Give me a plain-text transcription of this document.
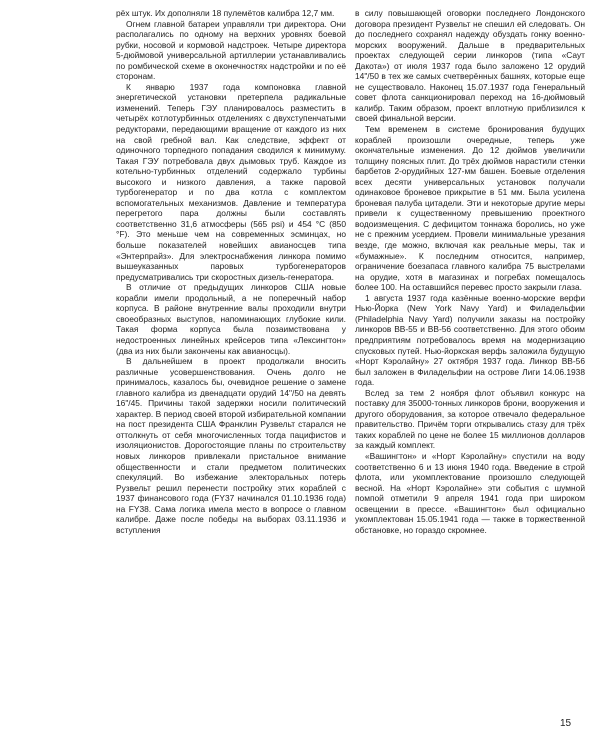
рёх штук. Их дополняли 18 пулемётов калибра 12,7 мм.

Огнем главной батареи управляли три директора. Они располагались по одному на верхних уровнях боевой рубки, носовой и кормовой надстроек. Четыре директора 5-дюймовой универсальной артиллерии устанавливались по ромбической схеме в оконечностях надстройки и по её сторонам.

К январю 1937 года компоновка главной энергетической установки претерпела радикальные изменений. Теперь ГЭУ планировалось разместить в четырёх котлотурбинных отделениях с двухступенчатыми редукторами, передающими вращение от каждого из них на свой гребной вал. Как следствие, эффект от одиночного торпедного попадания сводился к минимуму. Такая ГЭУ потребовала двух дымовых труб. Каждое из котельно-турбинных отделений содержало турбины высокого и низкого давления, а также паровой турбогенератор и по два котла с комплектом вспомогательных механизмов. Давление и температура перегретого пара должны были составлять соответственно 31,6 атмосферы (565 psi) и 454 °С (850 °F). Это меньше чем на современных эсминцах, но больше показателей новейших авианосцев типа «Энтерпрайз». Для электроснабжения линкора помимо вышеуказанных паровых турбогенераторов предусматривались три скоростных дизель-генератора.

В отличие от предыдущих линкоров США новые корабли имели продольный, а не поперечный набор корпуса. В районе внутренние валы проходили внутри своеобразных выступов, напоминающих глубокие кили. Такая форма корпуса была позаимствована у недостроенных линейных крейсеров типа «Лексингтон» (два из них были закончены как авианосцы).

В дальнейшем в проект продолжали вносить различные усовершенствования. Очень долго не принималось, казалось бы, очевидное решение о замене главного калибра из двенадцати орудий 14"/50 на девять 16"/45. Причины такой задержки носили политический характер. В период своей второй избирательной компании на пост президента США Франклин Рузвельт старался не оттолкнуть от себя многочисленных тогда пацифистов и изоляционистов. Дорогостоящие планы по строительству новых линкоров привлекали пристальное внимание общественности и стали предметом политических спекуляций. Во избежание электоральных потерь Рузвельт решил перенести постройку этих кораблей с 1937 финансового года (FY37 начинался 01.10.1936 года) на FY38. Сама логика имела место в вопросе о главном калибре. Даже после победы на выборах 03.11.1936 и вступления

в силу повышающей оговорки последнего Лондонского договора президент Рузвельт не спешил ей следовать. Он до последнего сохранял надежду обуздать гонку военно-морских вооружений. Дальше в предварительных проектах следующей серии линкоров (типа «Саут Дакота») от июля 1937 года было заложено 12 орудий 14"/50 в тех же самых счетверённых башнях, которые еще не существовало. Наконец 15.07.1937 года Генеральный совет флота санкционировал переход на 16-дюймовый калибр. Таким образом, проект вплотную приблизился к своей финальной версии.

Тем временем в системе бронирования будущих кораблей произошли очередные, теперь уже окончательные изменения. До 12 дюймов увеличили толщину поясных плит. До трёх дюймов нарастили стенки барбетов 2-орудийных 127-мм башен. Боевые отделения всех десяти универсальных установок получали одинаковое броневое прикрытие в 51 мм. Была усилена броневая палуба цитадели. Эти и некоторые другие меры привели к существенному превышению проектного водоизмещения. С дефицитом тоннажа боролись, но уже не с прежним усердием. Провели минимальные урезания везде, где можно, включая как реальные меры, так и «бумажные». К последним относится, например, ограничение боезапаса главного калибра 75 выстрелами на орудие, хотя в магазинах и погребах помещалось более 100. На оставшийся перевес просто закрыли глаза.

1 августа 1937 года казённые военно-морские верфи Нью-Йорка (New York Navy Yard) и Филадельфии (Philadelphia Navy Yard) получили заказы на постройку линкоров ВВ-55 и ВВ-56 соответственно. Для этого обоим предприятиям потребовалось время на модернизацию спусковых путей. Нью-йоркская верфь заложила будущую «Норт Кэролайну» 27 октября 1937 года. Линкор ВВ-56 был заложен в Филадельфии на острове Лиги 14.06.1938 года.

Вслед за тем 2 ноября флот объявил конкурс на поставку для 35000-тонных линкоров брони, вооружения и другого оборудования, за которое отвечало федеральное правительство. Причём торги открывались стазу для трёх таких кораблей по цене не более 15 миллионов долларов за каждый комплект.

«Вашингтон» и «Норт Кэролайну» спустили на воду соответственно 6 и 13 июня 1940 года. Введение в строй флота, или укомплектование произошло следующей весной. На «Норт Кэролайне» эти события с шумной помпой отметили 9 апреля 1941 года при широком освещении в прессе. «Вашингтон» был официально укомплектован 15.05.1941 года — также в торжественной обстановке, но гораздо скромнее.

15
